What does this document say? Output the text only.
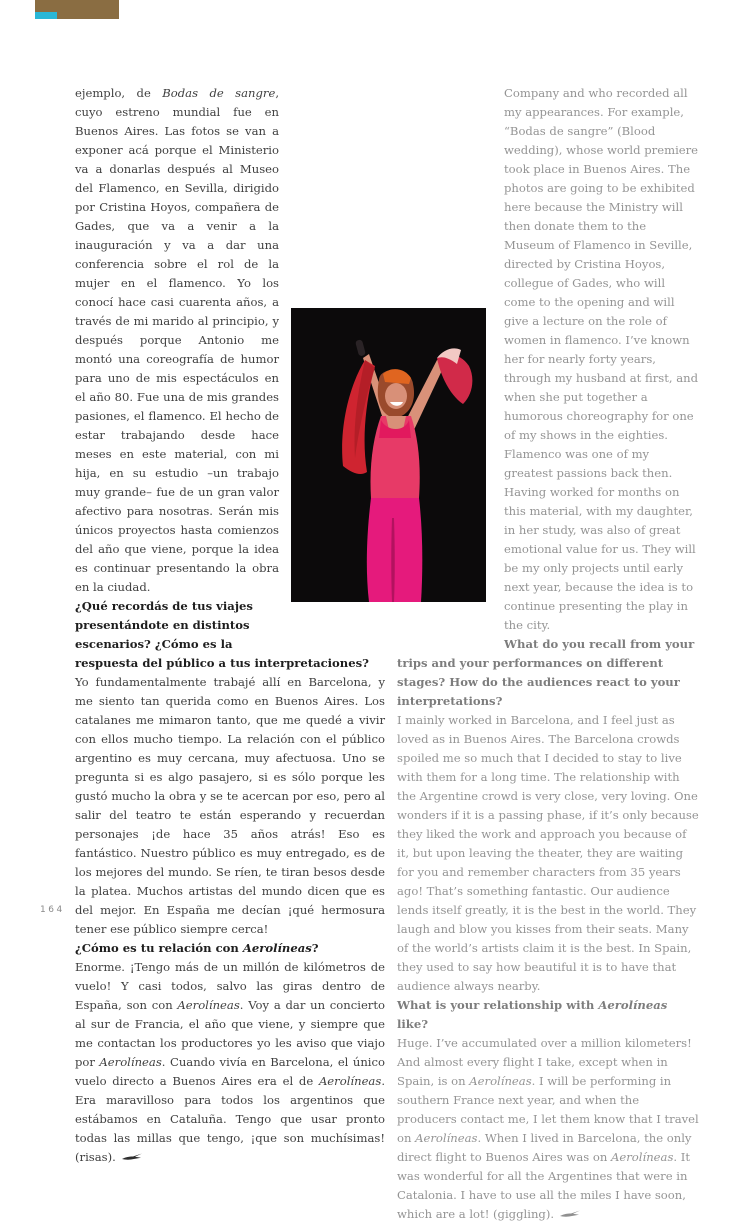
ejemplo, de Bodas de sangre, cuyo estreno mundial fue en Buenos Aires. Las fotos se van a exponer acá porque el Ministerio va a donarlas después al Museo del Flamenco, en Sevilla, dirigido por Cristina Hoyos, compañera de Gades, que va a venir a la inauguración y va a dar una conferencia sobre el rol de la mujer en el flamenco. Yo los conocí hace casi cuarenta años, a través de mi marido al principio, y después porque Antonio me montó una coreografía de humor para uno de mis espectáculos en el año 80. Fue una de mis grandes pasiones, el flamenco. El hecho de estar trabajando desde hace meses en este material, con mi hija, en su estudio –un trabajo muy grande– fue de un gran valor afectivo para nosotras. Serán mis únicos proyectos hasta comienzos del año que viene, porque la idea es continuar presentando la obra en la ciudad.

¿Qué recordás de tus viajes presentándote en distintos escenarios? ¿Cómo es la respuesta del público a tus interpretaciones?

Yo fundamentalmente trabajé allí en Barcelona, y me siento tan querida como en Buenos Aires. Los catalanes me mimaron tanto, que me quedé a vivir con ellos mucho tiempo. La relación con el público argentino es muy cercana, muy afectuosa. Uno se pregunta si es algo pasajero, si es sólo porque les gustó mucho la obra y se te acercan por eso, pero al salir del teatro te están esperando y recuerdan personajes ¡de hace 35 años atrás! Eso es fantástico. Nuestro público es muy entregado, es de los mejores del mundo. Se ríen, te tiran besos desde la platea. Muchos artistas del mundo dicen que es del mejor. En España me decían ¡qué hermosura tener ese público siempre cerca!

¿Cómo es tu relación con Aerolíneas?

Enorme. ¡Tengo más de un millón de kilómetros de vuelo! Y casi todos, salvo las giras dentro de España, son con Aerolíneas. Voy a dar un concierto al sur de Francia, el año que viene, y siempre que me contactan los productores yo les aviso que viajo por Aerolíneas. Cuando vivía en Barcelona, el único vuelo directo a Buenos Aires era el de Aerolíneas. Era maravilloso para todos los argentinos que estábamos en Cataluña. Tengo que usar pronto todas las millas que tengo, ¡que son muchísimas! (risas).

Company and who recorded all my appearances. For example, “Bodas de sangre” (Blood wedding), whose world premiere took place in Buenos Aires. The photos are going to be exhibited here because the Ministry will then donate them to the Museum of Flamenco in Seville, directed by Cristina Hoyos, collegue of Gades, who will come to the opening and will give a lecture on the role of women in flamenco. I’ve known her for nearly forty years, through my husband at first, and when she put together a humorous choreography for one of my shows in the eighties. Flamenco was one of my greatest passions back then. Having worked for months on this material, with my daughter, in her study, was also of great emotional value for us. They will be my only projects until early next year, because the idea is to continue presenting the play in the city.

What do you recall from your trips and your performances on different stages? How do the audiences react to your interpretations?

I mainly worked in Barcelona, and I feel just as loved as in Buenos Aires. The Barcelona crowds spoiled me so much that I decided to stay to live with them for a long time. The relationship with the Argentine crowd is very close, very loving. One wonders if it is a passing phase, if it’s only because they liked the work and approach you because of it, but upon leaving the theater, they are waiting for you and remember characters from 35 years ago! That’s something fantastic. Our audience lends itself greatly, it is the best in the world. They laugh and blow you kisses from their seats. Many of the world’s artists claim it is the best. In Spain, they used to say how beautiful it is to have that audience always nearby.

What is your relationship with Aerolíneas like?

Huge. I’ve accumulated over a million kilometers! And almost every flight I take, except when in Spain, is on Aerolíneas. I will be performing in southern France next year, and when the producers contact me, I let them know that I travel on Aerolíneas. When I lived in Barcelona, the only direct flight to Buenos Aires was on Aerolíneas. It was wonderful for all the Argentines that were in Catalonia. I have to use all the miles I have soon, which are a lot! (giggling).

164
